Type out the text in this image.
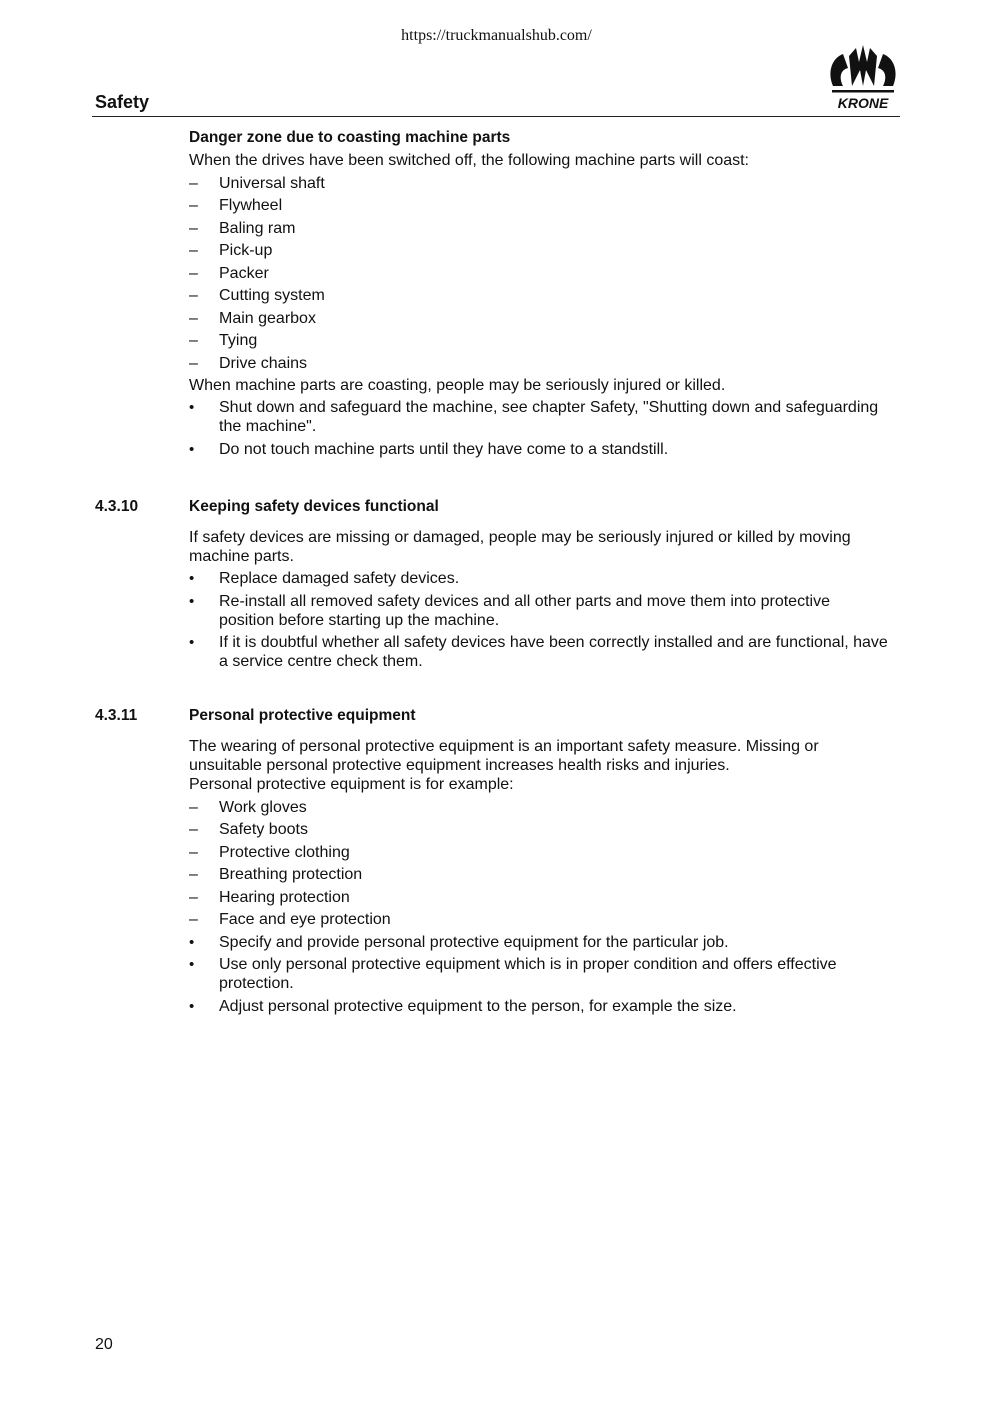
https://truckmanualshub.com/
Safety	KRONE
Danger zone due to coasting machine parts

When the drives have been switched off, the following machine parts will coast:

– Universal shaft
– Flywheel
– Baling ram
– Pick-up
– Packer
– Cutting system
– Main gearbox
– Tying
– Drive chains

When machine parts are coasting, people may be seriously injured or killed.

• Shut down and safeguard the machine, see chapter Safety, "Shutting down and safeguarding the machine".
• Do not touch machine parts until they have come to a standstill.
4.3.10	Keeping safety devices functional

If safety devices are missing or damaged, people may be seriously injured or killed by moving machine parts.

• Replace damaged safety devices.
• Re-install all removed safety devices and all other parts and move them into protective position before starting up the machine.
• If it is doubtful whether all safety devices have been correctly installed and are functional, have a service centre check them.
4.3.11	Personal protective equipment

The wearing of personal protective equipment is an important safety measure. Missing or unsuitable personal protective equipment increases health risks and injuries.

Personal protective equipment is for example:

– Work gloves
– Safety boots
– Protective clothing
– Breathing protection
– Hearing protection
– Face and eye protection
• Specify and provide personal protective equipment for the particular job.
• Use only personal protective equipment which is in proper condition and offers effective protection.
• Adjust personal protective equipment to the person, for example the size.
20
